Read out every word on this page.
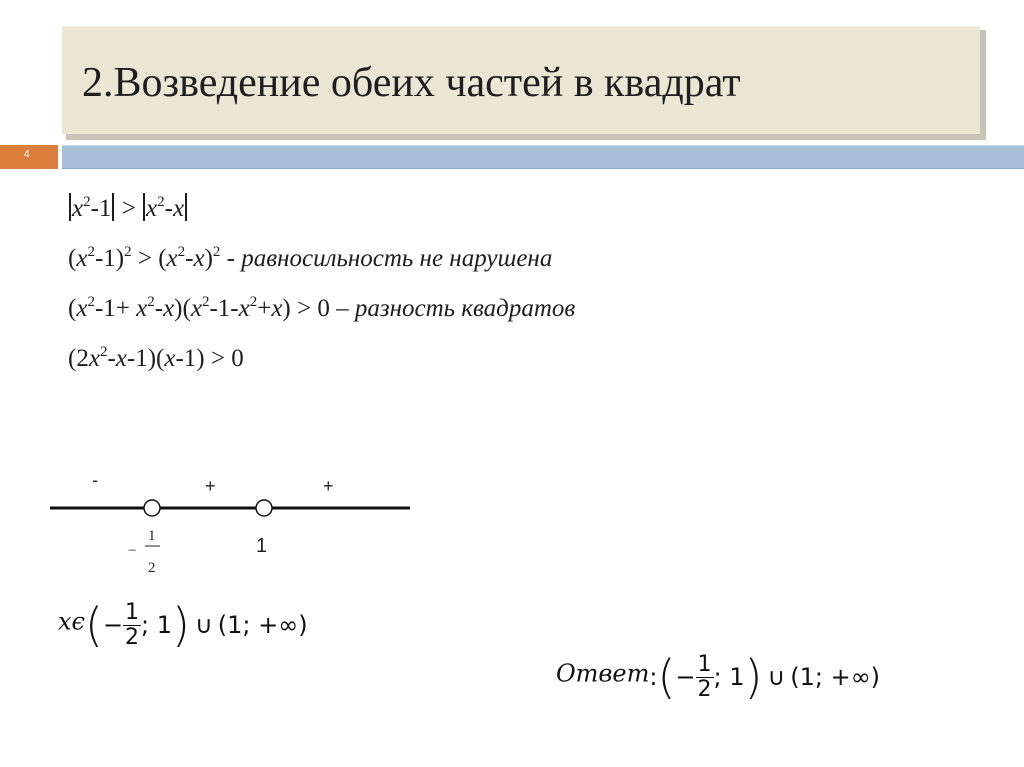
2.Возведение обеих частей в квадрат
4
$x^2-1 > x^2-x$
$(x^2-1)^2 > (x^2-x)^2$ - равносильность не нарушена
$(x^2-1+ x^2-x)(x^2-1-x^2+x) > 0$ – разность квадратов
$(2x^2-x-1)(x-1) > 0$
-	+	+
−
1
2
1
$x\epsilon(- \frac{1}{2}$ ; 1) ∪ (1; +∞)
Ответ:(− $\frac{1}{2}$ ; 1) ∪ (1; +∞)
